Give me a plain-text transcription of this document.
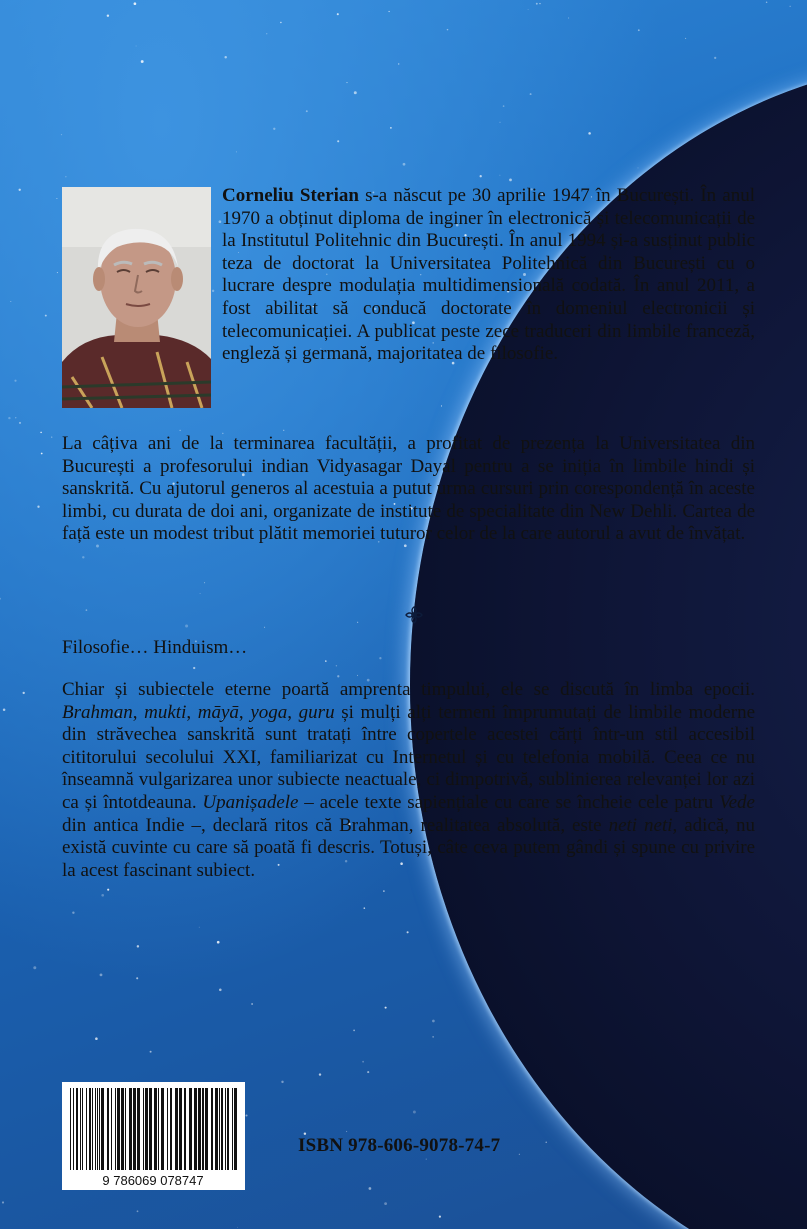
Corneliu Sterian s-a născut pe 30 aprilie 1947 în București. În anul 1970 a obținut diploma de inginer în electronică și telecomunicații de la Institutul Politehnic din București. În anul 1994 și-a susținut public teza de doctorat la Universitatea Politehnică din București cu o lucrare despre modulația multidimensională codată. În anul 2011, a fost abilitat să conducă doctorate în domeniul electronicii și telecomunicației. A publicat peste zece traduceri din limbile franceză, engleză și germană, majoritatea de filosofie.
La câțiva ani de la terminarea facultății, a profitat de prezența la Universitatea din București a profesorului indian Vidyasagar Dayal pentru a se iniția în limbile hindi și sanskrită. Cu ajutorul generos al acestuia a putut urma cursuri prin corespondență în aceste limbi, cu durata de doi ani, organizate de institute de specialitate din New Dehli. Cartea de față este un modest tribut plătit memoriei tuturor celor de la care autorul a avut de învățat.
Filosofie… Hinduism…
Chiar și subiectele eterne poartă amprenta timpului, ele se discută în limba epocii. Brahman, mukti, māyā, yoga, guru și mulți alți termeni împrumutați de limbile moderne din străvechea sanskrită sunt tratați între copertele acestei cărți într-un stil accesibil cititorului secolului XXI, familiarizat cu Internetul și cu telefonia mobilă. Ceea ce nu înseamnă vulgarizarea unor subiecte neactuale, ci dimpotrivă, sublinierea relevanței lor azi ca și întotdeauna. Upanișadele – acele texte sapiențiale cu care se încheie cele patru Vede din antica Indie –, declară ritos că Brahman, realitatea absolută, este neti neti, adică, nu există cuvinte cu care să poată fi descris. Totuși, câte ceva putem gândi și spune cu privire la acest fascinant subiect.
9 786069 078747
ISBN 978-606-9078-74-7
